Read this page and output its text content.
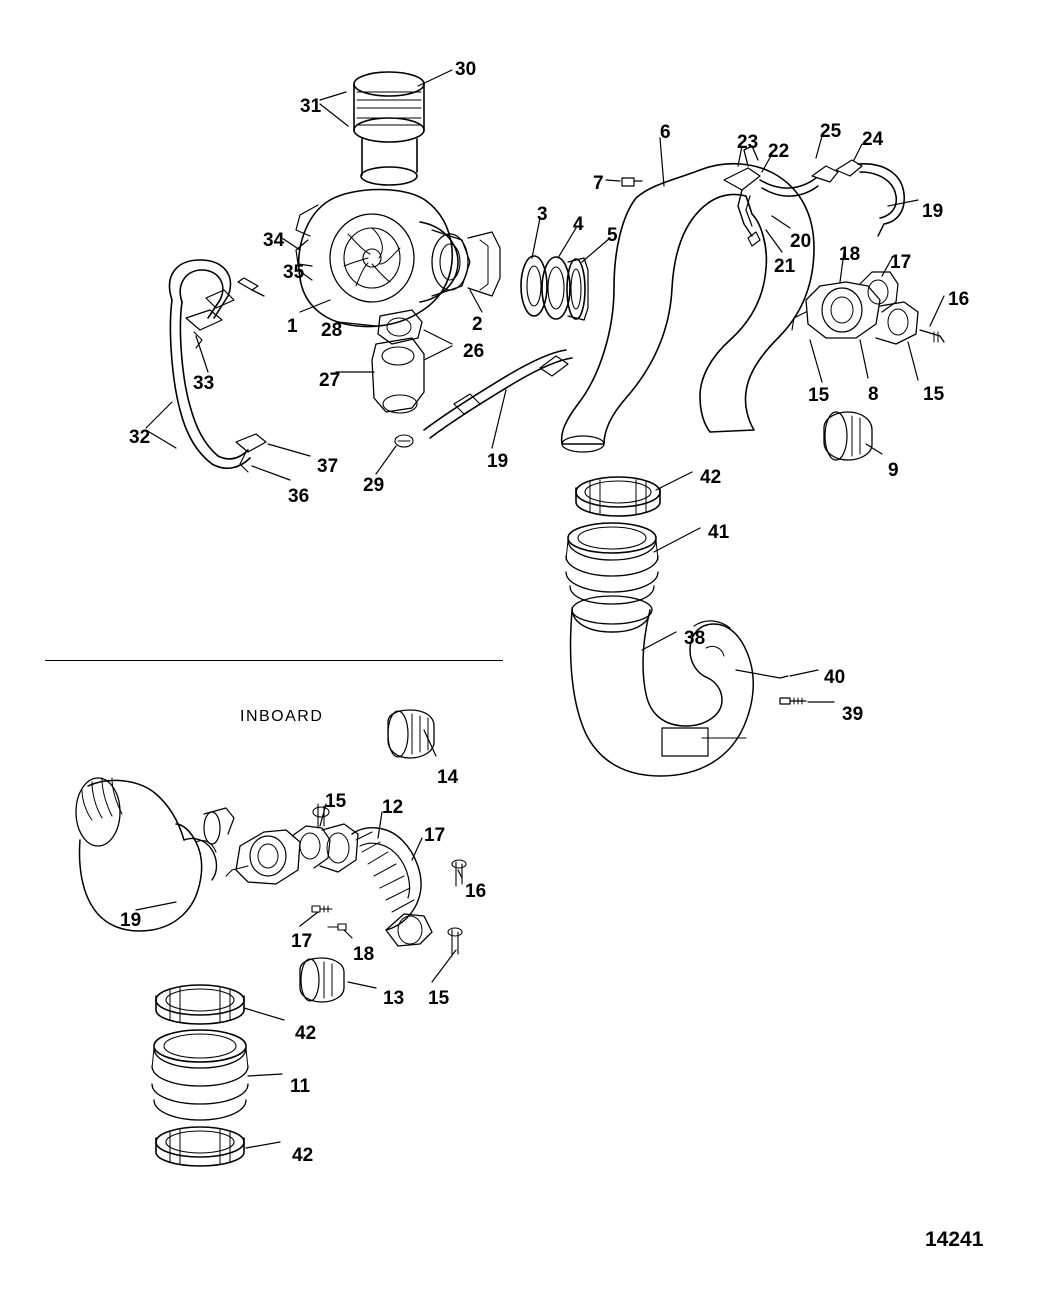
INBOARD
30
31
6	23 22
25 24
7
19
3 4
5	20
34
18 17
21
35
16
1 28	2
26
27
15 8 15
33
32
9
19
37
29
36
42
41
38
40
39
14
15 12
17
16
19
17
18
13 15
42
11
42
14241
